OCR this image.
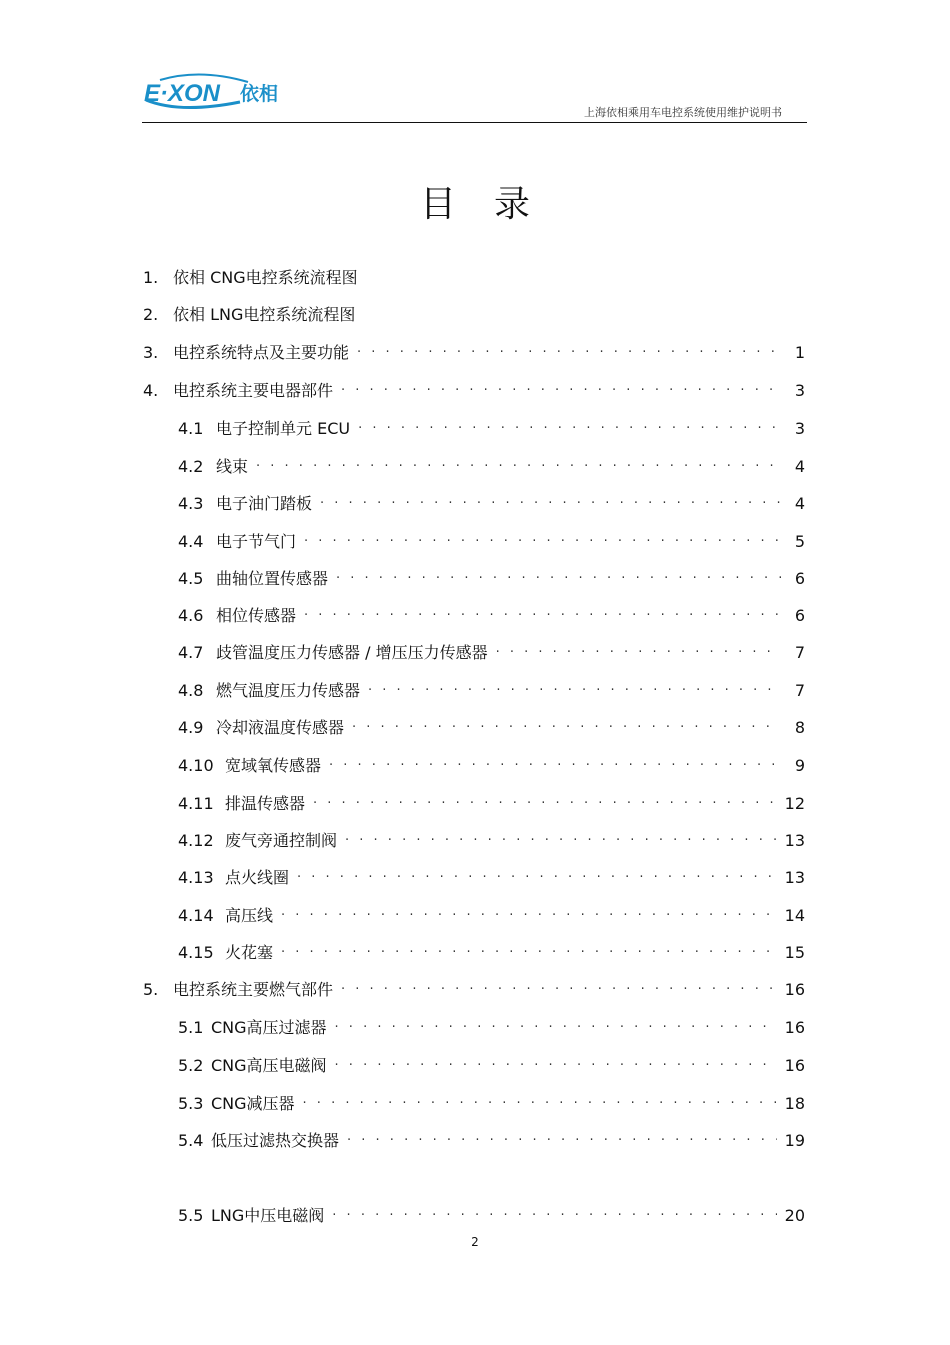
E·XON 依相
上海依相乘用车电控系统使用维护说明书
目录
1. 依相 CNG电控系统流程图
2. 依相 LNG电控系统流程图
3. 电控系统特点及主要功能 · · ·	1
4. 电控系统主要电器部件 · · ·	3
4.1 电子控制单元 ECU · · ·	3
4.2 线束 · · ·	4
4.3 电子油门踏板 · · ·	4
4.4 电子节气门 · · ·	5
4.5 曲轴位置传感器 · · ·	6
4.6 相位传感器 · · ·	6
4.7 歧管温度压力传感器 / 增压压力传感器 · · ·	7
4.8 燃气温度压力传感器 · · ·	7
4.9 冷却液温度传感器 · · ·	8
4.10 宽域氧传感器 · · ·	9
4.11 排温传感器 · · ·	12
4.12 废气旁通控制阀 · · ·	13
4.13 点火线圈 · · ·	13
4.14 高压线 · · ·	14
4.15 火花塞 · · ·	15
5. 电控系统主要燃气部件 · · ·	16
5.1 CNG高压过滤器 · · ·	16
5.2 CNG高压电磁阀 · · ·	16
5.3 CNG减压器 · · ·	18
5.4 低压过滤热交换器 · · ·	19
5.5 LNG中压电磁阀 · · ·	20
2
